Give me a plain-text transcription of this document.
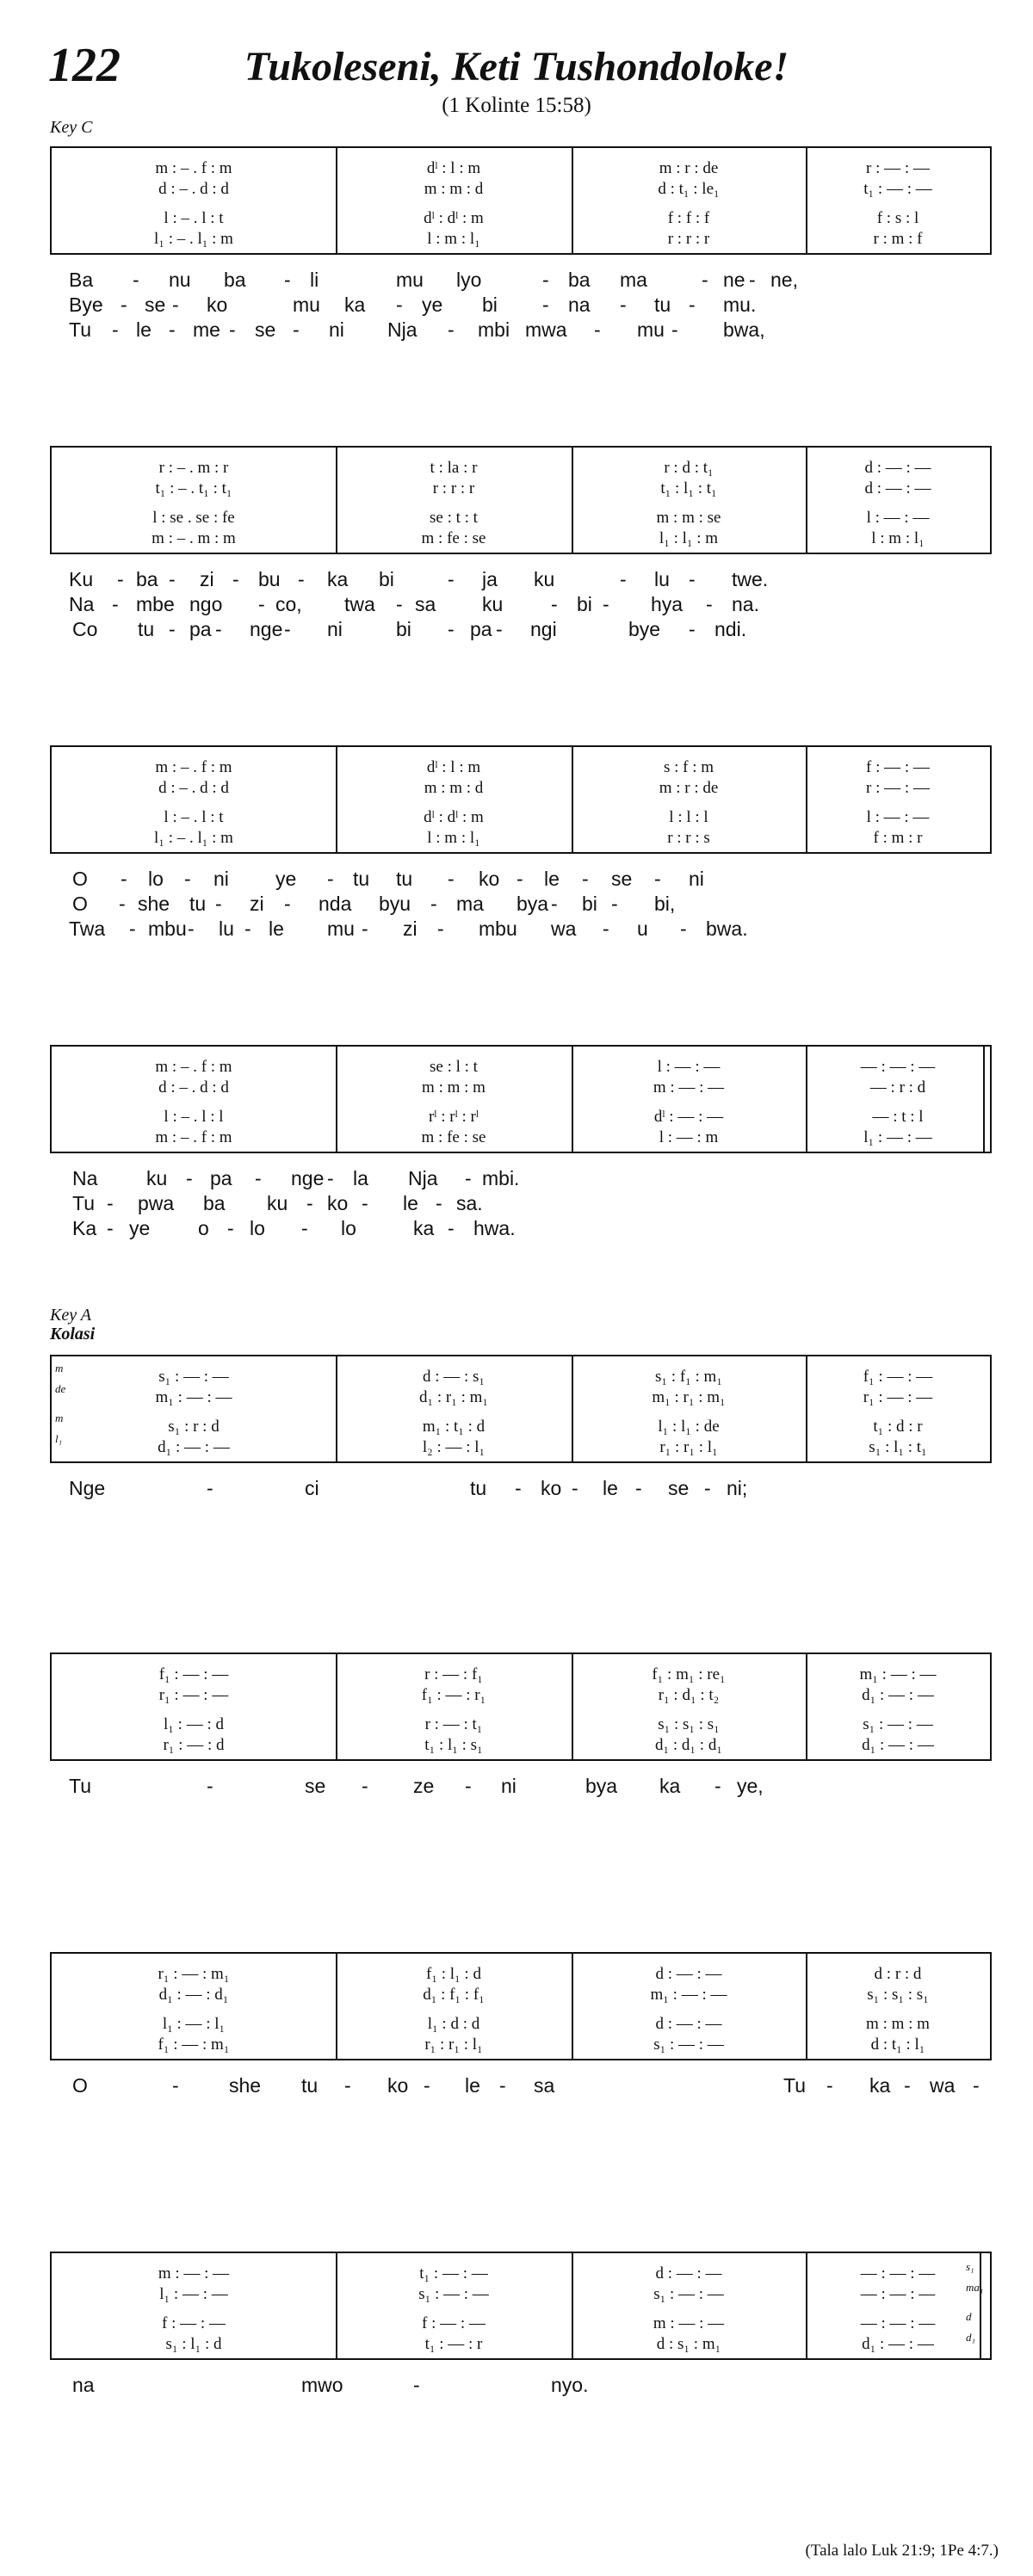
122	Tukoleseni, Keti Tushondoloke!
(1 Kolinte 15:58)
Key C
Key A
Kolasi
m : – . f : m	dˡ : l : m	m : r : de	r : — : —
d : – . d : d	m : m : d	d : t₁ : le₁	t₁ : — : —
l : – . l : t	dˡ : dˡ : m	f : f : f	f : s : l
l₁ : – . l₁ : m	l : m : l₁	r : r : r	r : m : f
Ba - nu ba - li	mu lyo	- ba ma	- ne - ne,
Bye - se - ko	mu ka - ye bi - na - tu - mu.
Tu - le - me - se - ni Nja - mbi mwa - mu - bwa,
r : – . m : r	t : la : r	r : d : t₁	d : — : —
t₁ : – . t₁ : t₁	r : r : r	t₁ : l₁ : t₁	d : — : —
l : se . se : fe	se : t : t	m : m : se	l : — : —
m : – . m : m	m : fe : se	l₁ : l₁ : m	l : m : l₁
Ku - ba - zi - bu - ka bi	- ja ku	- lu - twe.
Na - mbe ngo - co, twa - sa ku - bi - hya - na.
Co tu - pa - nge - ni	bi - pa - ngi	bye - ndi.
m : – . f : m	dˡ : l : m	s : f : m	f : — : —
d : – . d : d	m : m : d	m : r : de	r : — : —
l : – . l : t	dˡ : dˡ : m	l : l : l	l : — : —
l₁ : – . l₁ : m	l : m : l₁	r : r : s	f : m : r
O - lo - ni ye - tu tu - ko - le - se - ni
O - she tu - zi - nda byu - ma bya - bi - bi,
Twa - mbu - lu - le mu - zi - mbu wa - u - bwa.
m : – . f : m	se : l : t	l : — : —	— : — : —
d : – . d : d	m : m : m	m : — : —	— : r : d
l : – . l : l	rˡ : rˡ : rˡ	dˡ : — : —	— : t : l
m : – . f : m	m : fe : se	l : — : m	l₁ : — : —
Na ku - pa - nge - la Nja - mbi.
Tu - pwa ba ku - ko - le - sa.
Ka - ye o - lo - lo	ka - hwa.
s₁ : — : —	d : — : s₁	s₁ : f₁ : m₁	f₁ : — : —
m₁ : — : —	d₁ : r₁ : m₁	m₁ : r₁ : m₁	r₁ : — : —
s₁ : r : d	m₁ : t₁ : d	l₁ : l₁ : de	t₁ : d : r
d₁ : — : —	l₂ : — : l₁	r₁ : r₁ : l₁	s₁ : l₁ : t₁
m
de
m
l₁
Nge	-	ci	tu - ko - le - se - ni;
f₁ : — : —	r : — : f₁	f₁ : m₁ : re₁	m₁ : — : —
r₁ : — : —	f₁ : — : r₁	r₁ : d₁ : t₂	d₁ : — : —
l₁ : — : d	r : — : t₁	s₁ : s₁ : s₁	s₁ : — : —
r₁ : — : d	t₁ : l₁ : s₁	d₁ : d₁ : d₁	d₁ : — : —
Tu	-	se - ze - ni	bya ka - ye,
r₁ : — : m₁	f₁ : l₁ : d	d : — : —	d : r : d
d₁ : — : d₁	d₁ : f₁ : f₁	m₁ : — : —	s₁ : s₁ : s₁
l₁ : — : l₁	l₁ : d : d	d : — : —	m : m : m
f₁ : — : m₁	r₁ : r₁ : l₁	s₁ : — : —	d : t₁ : l₁
O	-	she tu - ko - le - sa	Tu - ka - wa -
m : — : —	t₁ : — : —	d : — : —	— : — : —
l₁ : — : —	s₁ : — : —	s₁ : — : —	— : — : —
f : — : —	f : — : —	m : — : —	— : — : —
s₁ : l₁ : d	t₁ : — : r	d : s₁ : m₁	d₁ : — : —
s₁
ma₁
d
d₁
na	mwo	-	nyo.
(Tala lalo Luk 21:9; 1Pe 4:7.)
